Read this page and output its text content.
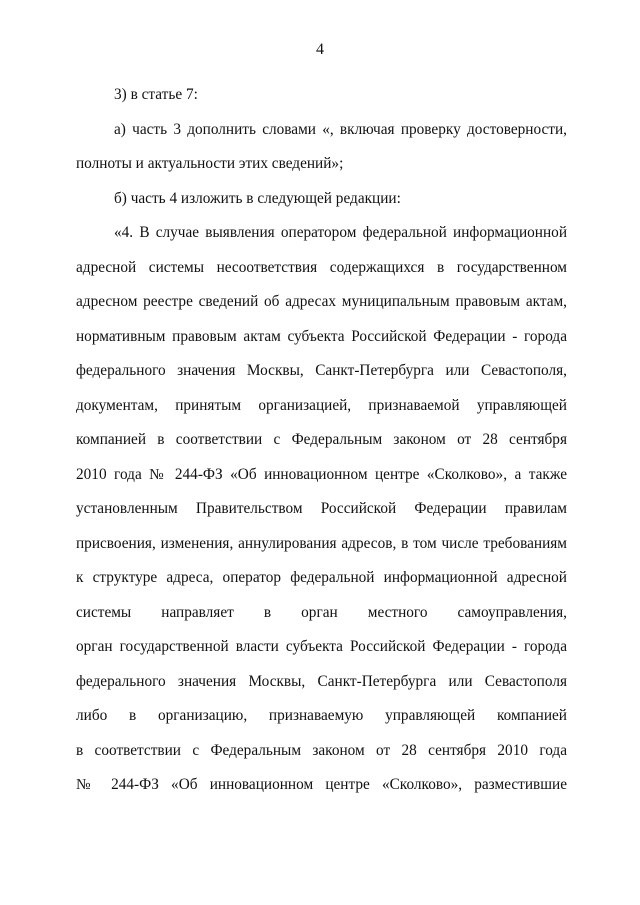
4
3) в статье 7:
а) часть 3 дополнить словами «, включая проверку достоверности,
полноты и актуальности этих сведений»;
б) часть 4 изложить в следующей редакции:
«4. В случае выявления оператором федеральной информационной
адресной системы несоответствия содержащихся в государственном
адресном реестре сведений об адресах муниципальным правовым актам,
нормативным правовым актам субъекта Российской Федерации - города
федерального значения Москвы, Санкт-Петербурга или Севастополя,
документам, принятым организацией, признаваемой управляющей
компанией в соответствии с Федеральным законом от 28 сентября
2010 года № 244-ФЗ «Об инновационном центре «Сколково», а также
установленным Правительством Российской Федерации правилам
присвоения, изменения, аннулирования адресов, в том числе требованиям
к структуре адреса, оператор федеральной информационной адресной
системы направляет в орган местного самоуправления,
орган государственной власти субъекта Российской Федерации - города
федерального значения Москвы, Санкт-Петербурга или Севастополя
либо в организацию, признаваемую управляющей компанией
в соответствии с Федеральным законом от 28 сентября 2010 года
№ 244-ФЗ «Об инновационном центре «Сколково», разместившие
